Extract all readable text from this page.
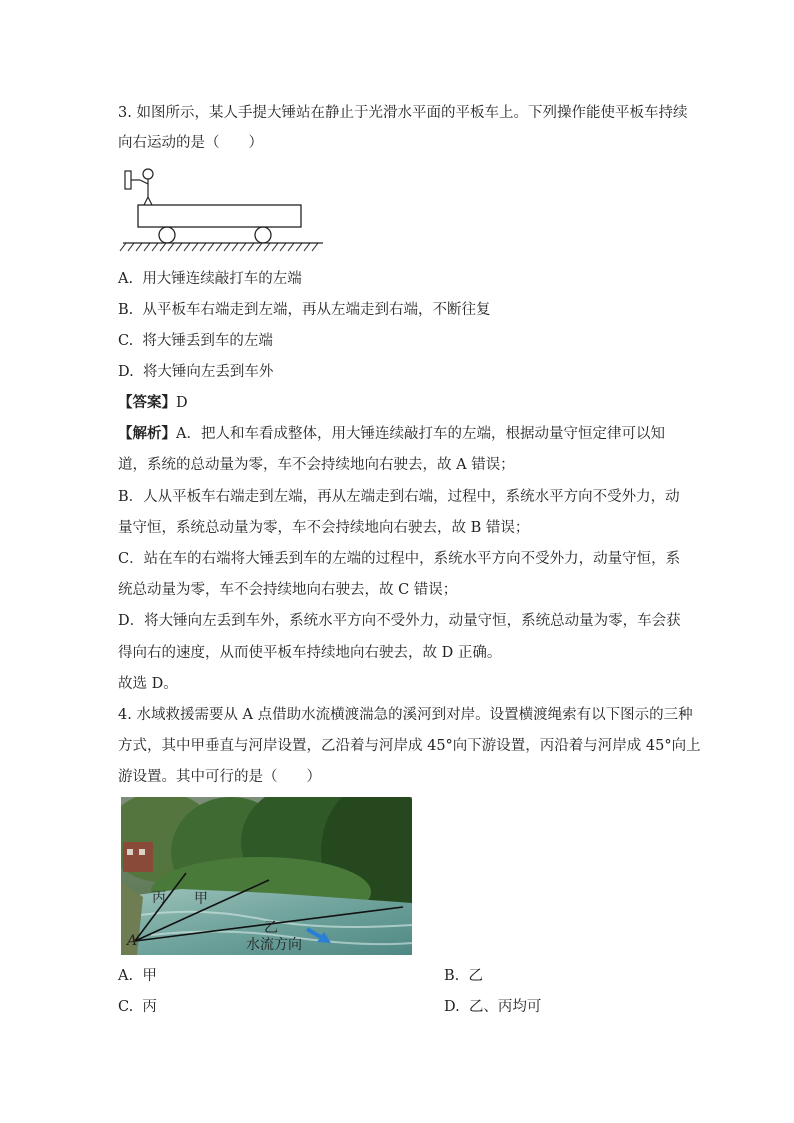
3. 如图所示，某人手提大锤站在静止于光滑水平面的平板车上。下列操作能使平板车持续
向右运动的是（　　）
A. 用大锤连续敲打车的左端
B. 从平板车右端走到左端，再从左端走到右端，不断往复
C. 将大锤丢到车的左端
D. 将大锤向左丢到车外
【答案】D
【解析】A．把人和车看成整体，用大锤连续敲打车的左端，根据动量守恒定律可以知
道，系统的总动量为零，车不会持续地向右驶去，故 A 错误；
B．人从平板车右端走到左端，再从左端走到右端，过程中，系统水平方向不受外力，动
量守恒，系统总动量为零，车不会持续地向右驶去，故 B 错误；
C．站在车的右端将大锤丢到车的左端的过程中，系统水平方向不受外力，动量守恒，系
统总动量为零，车不会持续地向右驶去，故 C 错误；
D．将大锤向左丢到车外，系统水平方向不受外力，动量守恒，系统总动量为零，车会获
得向右的速度，从而使平板车持续地向右驶去，故 D 正确。
故选 D。
4. 水域救援需要从 A 点借助水流横渡湍急的溪河到对岸。设置横渡绳索有以下图示的三种
方式，其中甲垂直与河岸设置，乙沿着与河岸成 45°向下游设置，丙沿着与河岸成 45°向上
游设置。其中可行的是（　　）
丙 甲
乙
A	水流方向
A. 甲	B. 乙
C. 丙	D. 乙、丙均可
